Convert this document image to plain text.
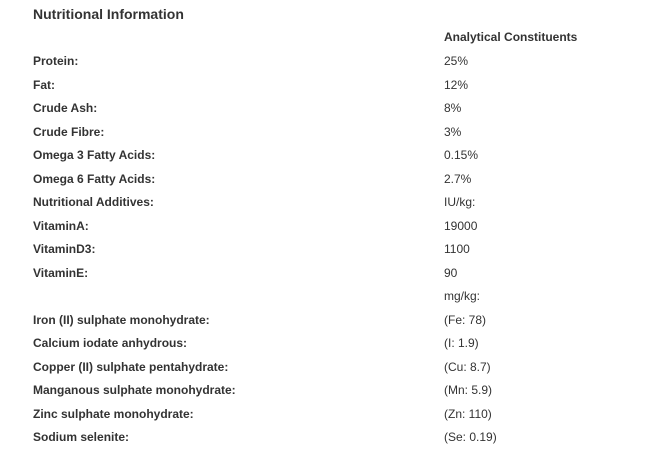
Nutritional Information
Analytical Constituents
Protein:	25%
Fat:	12%
Crude Ash:	8%
Crude Fibre:	3%
Omega 3 Fatty Acids:	0.15%
Omega 6 Fatty Acids:	2.7%
Nutritional Additives:	IU/kg:
VitaminA:	19000
VitaminD3:	1100
VitaminE:	90
mg/kg:
Iron (II) sulphate monohydrate:	(Fe: 78)
Calcium iodate anhydrous:	(I: 1.9)
Copper (II) sulphate pentahydrate:	(Cu: 8.7)
Manganous sulphate monohydrate:	(Mn: 5.9)
Zinc sulphate monohydrate:	(Zn: 110)
Sodium selenite:	(Se: 0.19)
